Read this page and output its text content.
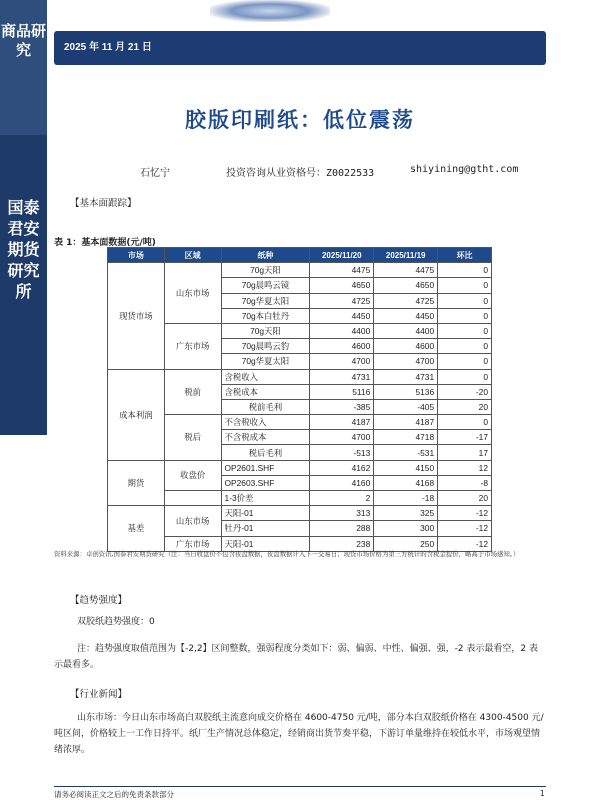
商品研究
国泰君安期货研究所
2025 年 11 月 21 日
胶版印刷纸：低位震荡
石忆宁	投资咨询从业资格号：Z0022533	shiyining@gtht.com
【基本面跟踪】
表 1：基本面数据(元/吨)
市场	区域	纸种	2025/11/20	2025/11/19	环比
现货市场	山东市场	70g天阳	4475	4475	0
		70g晨鸣云镜	4650	4650	0
		70g华夏太阳	4725	4725	0
		70g本白牡丹	4450	4450	0
	广东市场	70g天阳	4400	4400	0
		70g晨鸣云豹	4600	4600	0
		70g华夏太阳	4700	4700	0
成本利润	税前	含税收入	4731	4731	0
		含税成本	5116	5136	-20
		税前毛利	-385	-405	20
	税后	不含税收入	4187	4187	0
		不含税成本	4700	4718	-17
		税后毛利	-513	-531	17
期货	收盘价	OP2601.SHF	4162	4150	12
		OP2603.SHF	4160	4168	-8
		1-3价差	2	-18	20
基差	山东市场	天阳-01	313	325	-12
		牡丹-01	288	300	-12
	广东市场	天阳-01	238	250	-12
资料来源：卓创资讯,国泰君安期货研究（注：当日收盘价不包含夜盘数据，夜盘数据计入下一交易日；现货市场价格为第三方统计的含税金提价，略高于市场感知。）
【趋势强度】
双胶纸趋势强度：0
注：趋势强度取值范围为【-2,2】区间整数，强弱程度分类如下：弱、偏弱、中性、偏强、强，-2 表示最看空，2 表示最看多。
【行业新闻】
山东市场：今日山东市场高白双胶纸主流意向成交价格在 4600-4750 元/吨，部分本白双胶纸价格在 4300-4500 元/吨区间，价格较上一工作日持平。纸厂生产情况总体稳定，经销商出货节奏平稳，下游订单量维持在较低水平，市场观望情绪浓厚。
请务必阅读正文之后的免责条款部分	1
